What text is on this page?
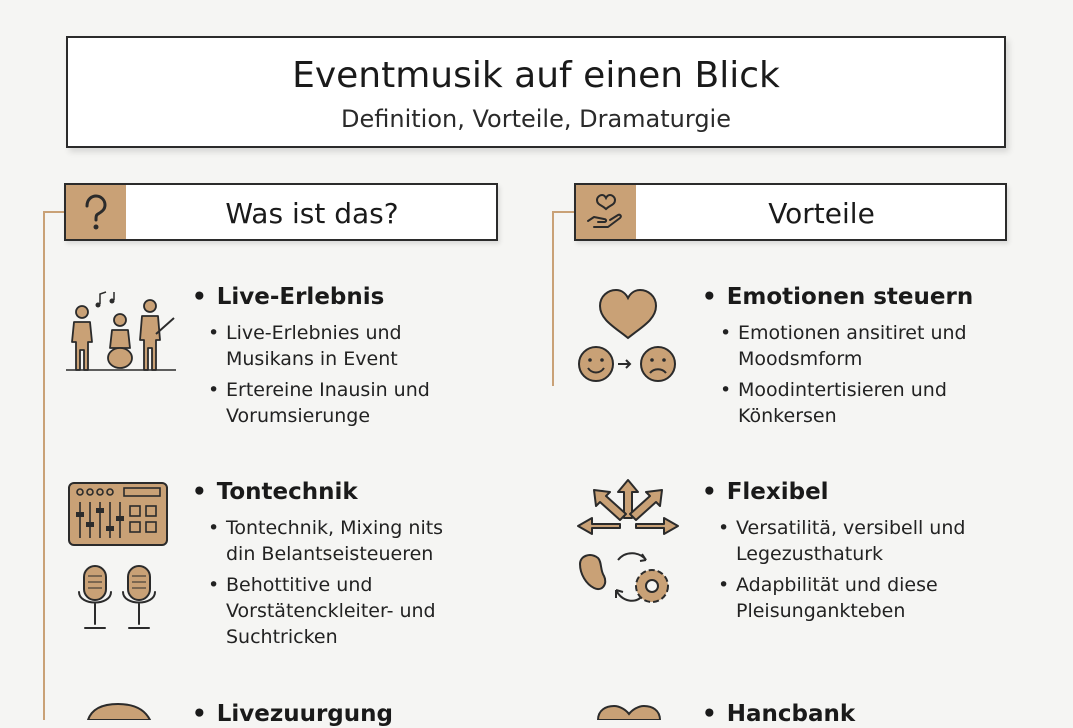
Eventmusik auf einen Blick
Definition, Vorteile, Dramaturgie
Was ist das?	Vorteile
• Live-Erlebnis
• Live-Erlebnies und
Musikans in Event
• Ertereine Inausin und
Vorumsierunge
• Tontechnik
• Tontechnik, Mixing nits
din Belantseisteueren
• Behottitive und
Vorstätenckleiter- und
Suchtricken
• Livezuurgung
• Emotionen steuern
• Emotionen ansitiret und
Moodsmform
• Moodintertisieren und
Könkersen
• Flexibel
• Versatilitä, versibell und
Legezusthaturk
• Adapbilität und diese
Pleisungankteben
• Hancbank
